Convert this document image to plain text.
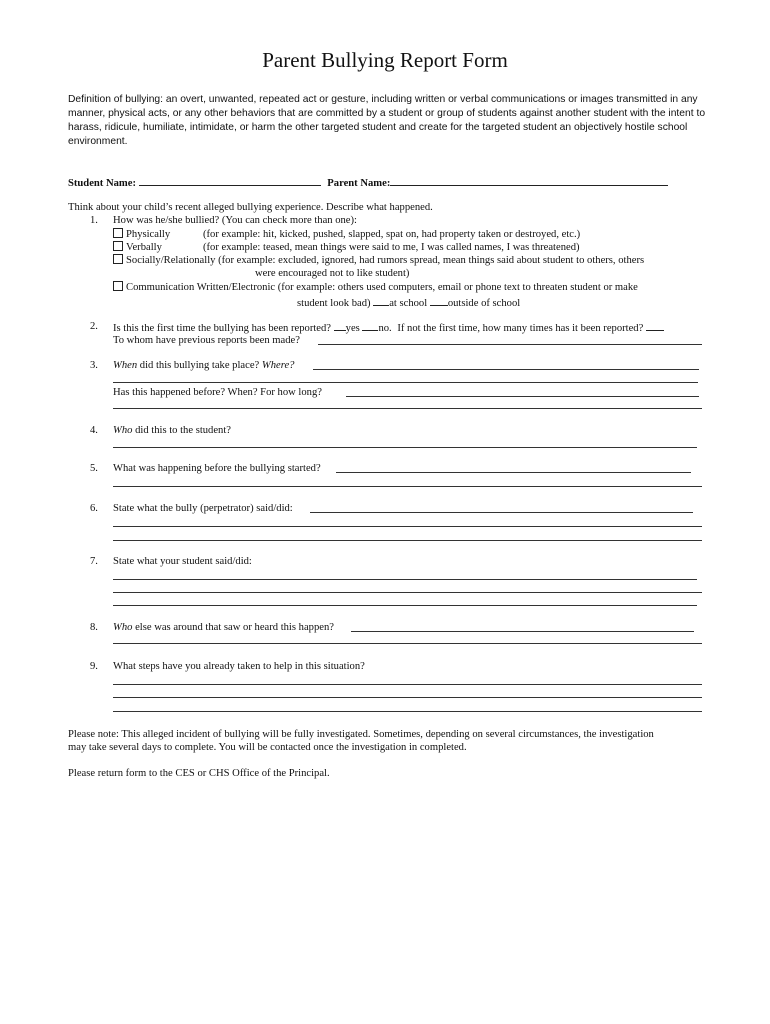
Parent Bullying Report Form
Definition of bullying: an overt, unwanted, repeated act or gesture, including written or verbal communications or images transmitted in any manner, physical acts, or any other behaviors that are committed by a student or group of students against another student with the intent to harass, ridicule, humiliate, intimidate, or harm the other targeted student and create for the targeted student an objectively hostile school environment.
Student Name:	Parent Name:
Think about your child’s recent alleged bullying experience. Describe what happened.
1. How was he/she bullied? (You can check more than one):
Physically	(for example: hit, kicked, pushed, slapped, spat on, had property taken or destroyed, etc.)
Verbally	(for example: teased, mean things were said to me, I was called names, I was threatened)
Socially/Relationally (for example: excluded, ignored, had rumors spread, mean things said about student to others, others
were encouraged not to like student)
Communication Written/Electronic (for example: others used computers, email or phone text to threaten student or make
student look bad) at school outside of school
2. Is this the first time the bullying has been reported? yes no. If not the first time, how many times has it been reported?
To whom have previous reports been made?
3. When did this bullying take place? Where?
Has this happened before? When? For how long?
4. Who did this to the student?
5. What was happening before the bullying started?
6. State what the bully (perpetrator) said/did:
7. State what your student said/did:
8. Who else was around that saw or heard this happen?
9. What steps have you already taken to help in this situation?
Please note: This alleged incident of bullying will be fully investigated. Sometimes, depending on several circumstances, the investigation
may take several days to complete. You will be contacted once the investigation in completed.
Please return form to the CES or CHS Office of the Principal.
